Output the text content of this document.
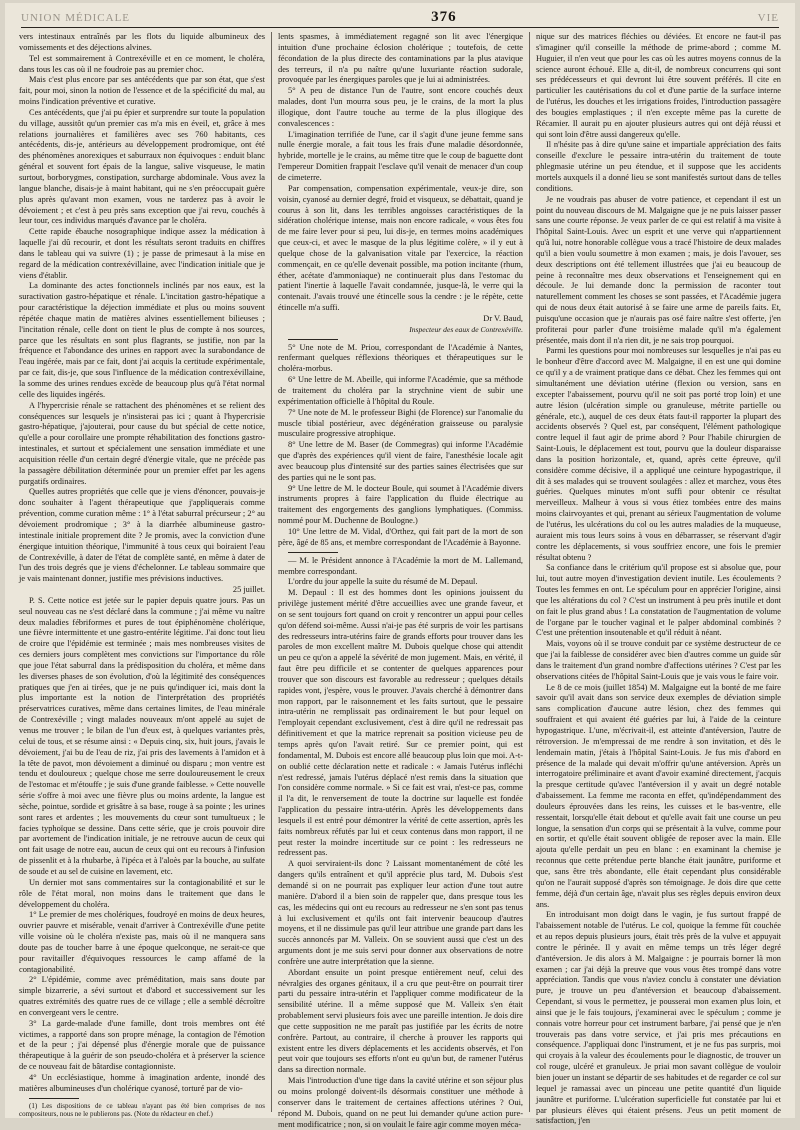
UNION MÉDICALE	376	VIE

vers intestinaux entraînés par les flots du liquide albumineux des vomissements et des déjections alvines.

Tel est sommairement à Contrexéville et en ce moment, le choléra, dans tous les cas où il ne foudroie pas au premier choc.

Mais c'est plus encore par ses antécédents que par son état, que s'est fait, pour moi, sinon la notion de l'essence et de la spécificité du mal, au moins l'indication préventive et curative.

Ces antécédents, que j'ai pu épier et surprendre sur toute la population du village, aussitôt qu'un premier cas m'a mis en éveil, et, grâce à mes relations journalières et familières avec ses 760 habitants, ces antécédents, dis-je, antérieurs au développement prodromique, ont été des phénomènes anorexiques et saburraux non équivoques : enduit blanc général et souvent fort épais de la langue, salive visqueuse, le matin surtout, borborygmes, constipation, surcharge abdominale. Vous avez la langue blanche, disais-je à maint habitant, qui ne s'en préoccupait guère plus après qu'avant mon examen, vous ne tarderez pas à avoir le dévoiement ; et c'est à peu près sans exception que j'ai revu, couchés à leur tour, ces individus marqués d'avance par le choléra.

Cette rapide ébauche nosographique indique assez la médication à laquelle j'ai dû recourir, et dont les résultats seront traduits en chiffres dans le tableau qui va suivre (1) ; je passe de primesaut à la mise en regard de la médication contrexévillaine, avec l'indication initiale que je viens d'établir.

La dominante des actes fonctionnels inclinés par nos eaux, est la suractivation gastro-hépatique et rénale. L'incitation gastro-hépatique a pour caractéristique la déjection immédiate et plus ou moins souvent répétée chaque matin de matières alvines essentiellement bilieuses ; l'incitation rénale, celle dont on tient le plus de compte à nos sources, parce que les résultats en sont plus flagrants, se justifie, non par la fréquence et l'abondance des urines en rapport avec la surabondance de l'eau ingérée, mais par ce fait, dont j'ai acquis la certitude expérimentale, par ce fait, dis-je, que sous l'influence de la médication contrexévillaine, la somme des urines rendues excède de beaucoup plus qu'à l'état normal celle des liquides ingérés.

A l'hypercrisie rénale se rattachent des phénomènes et se relient des conséquences sur lesquels je n'insisterai pas ici ; quant à l'hypercrisie gastro-hépatique, j'ajouterai, pour cause du but spécial de cette notice, qu'elle a pour corollaire une prompte réhabilitation des fonctions gastro-intestinales, et surtout et spécialement une sensation immédiate et une acquisition réelle d'un certain degré d'énergie vitale, que ne précède pas la passagère débilitation déterminée pour un premier effet par les agens purgatifs ordinaires.

Quelles autres propriétés que celle que je viens d'énoncer, pouvais-je donc souhaiter à l'agent thérapeutique que j'appliquerais comme prévention, comme curation même : 1° à l'état saburral précurseur ; 2° au dévoiement prodromique ; 3° à la diarrhée albumineuse gastro-intestinale initiale proprement dite ? Je promis, avec la conviction d'une énergique intuition théorique, l'immunité à tous ceux qui boiraient l'eau de Contrexéville, à dater de l'état de complète santé, en même à dater de l'un des trois degrés que je viens d'échelonner. Le tableau sommaire que je vais maintenant donner, justifie mes prévisions inductives.

25 juillet.

P. S. Cette notice est jetée sur le papier depuis quatre jours. Pas un seul nouveau cas ne s'est déclaré dans la commune ; j'ai même vu naître deux maladies fébriformes et pures de tout épiphénomène cholérique, une fièvre intermittente et une gastro-entérite légitime. J'ai donc tout lieu de croire que l'épidémie est terminée ; mais mes nombreuses visites de ces derniers jours complètent mes convictions sur l'importance du rôle que joue l'état saburral dans la prédisposition du choléra, et même dans les diverses phases de son évolution, d'où la légitimité des conséquences pratiques que j'en ai tirées, que je ne puis qu'indiquer ici, mais dont la plus importante est la notion de l'interprétation des propriétés préservatrices curatives, même dans certaines limites, de l'eau minérale de Contrexéville ; vingt malades nouveaux m'ont appelé au sujet de venus me trouver ; le bilan de l'un d'eux est, à quelques variantes près, celui de tous, et se résume ainsi : « Depuis cinq, six, huit jours, j'avais le dévoiement, j'ai bu de l'eau de riz, j'ai pris des lavements à l'amidon et à la tête de pavot, mon dévoiement a diminué ou disparu ; mon ventre est tendu et douloureux ; quelque chose me serre douloureusement le creux de l'estomac et m'étouffe ; je suis d'une grande faiblesse. » Cette nouvelle série s'offre à moi avec une fièvre plus ou moins ardente, la langue est sèche, pointue, sordide et grisâtre à sa base, rouge à sa pointe ; les urines sont rares et ardentes ; les mouvements du cœur sont tumultueux ; le facies typhoïque se dessine. Dans cette série, que je crois pouvoir dire par avortement de l'indication initiale, je ne retrouve aucun de ceux qui ont fait usage de notre eau, aucun de ceux qui ont eu recours à l'infusion de pissenlit et à la rhubarbe, à l'ipéca et à l'aloès par la bouche, au sulfate de soude et au sel de cuisine en lavement, etc.

Un dernier mot sans commentaires sur la contagionabilité et sur le rôle de l'état moral, non moins dans le traitement que dans le développement du choléra.

1° Le premier de mes cholériques, foudroyé en moins de deux heures, ouvrier pauvre et misérable, venait d'arriver à Contrexéville d'une petite ville voisine où le choléra n'existe pas, mais où il ne manquera sans doute pas de toucher barre à une époque quelconque, ne serait-ce que pour ravitailler d'équivoques ressources le camp affamé de la contagionabilité.

2° L'épidémie, comme avec préméditation, mais sans doute par simple bizarrerie, a sévi surtout et d'abord et successivement sur les quatres extrémités des quatre rues de ce village ; elle a semblé décroître en convergeant vers le centre.

3° La garde-malade d'une famille, dont trois membres ont été victimes, a rapporté dans son propre ménage, la contagion de l'émotion et de la peur ; j'ai dépensé plus d'énergie morale que de puissance thérapeutique à la guérir de son pseudo-choléra et à préserver la science de ce nouveau fait de bâtardise contagionniste.

4° Un ecclésiastique, homme à imagination ardente, inondé des matières albumineuses d'un cholérique cyanosé, torturé par de vio-

(1) Les dispositions de ce tableau n'ayant pas été bien comprises de nos compositeurs, nous ne le publierons pas. (Note du rédacteur en chef.)

lents spasmes, à immédiatement regagné son lit avec l'énergique intuition d'une prochaine éclosion cholérique ; toutefois, de cette fécondation de la plus directe des contaminations par la plus atavique des terreurs, il n'a pu naître qu'une luxuriante réaction sudorale, provoquée par les énergiques paroles que je lui ai administrées.

5° A peu de distance l'un de l'autre, sont encore couchés deux malades, dont l'un mourra sous peu, je le crains, de la mort la plus illogique, dont l'autre touche au terme de la plus illogique des convalescences :

L'imagination terrifiée de l'une, car il s'agit d'une jeune femme sans nulle énergie morale, a fait tous les frais d'une maladie désordonnée, hybride, mortelle je le crains, au même titre que le coup de baguette dont l'empereur Domitien frappait l'esclave qu'il venait de menacer d'un coup de cimeterre.

Par compensation, compensation expérimentale, veux-je dire, son voisin, cyanosé au dernier degré, froid et visqueux, se débattait, quand je courus à son lit, dans les terribles angoisses caractéristiques de la sidération cholérique intense, mais non encore radicale, « vous êtes fou de me faire lever pour si peu, lui dis-je, en termes moins académiques que ceux-ci, et avec le masque de la plus légitime colère, » il y eut à quelque chose de la galvanisation vitale par l'exercice, la réaction commençait, en ce qu'elle devenait possible, ma potion incitante (rhum, éther, acétate d'ammoniaque) ne continuerait plus dans l'estomac du patient l'inertie à laquelle l'avait condamnée, jusque-là, le verre qui la contenait. J'avais trouvé une étincelle sous la cendre : je le répète, cette étincelle m'a suffi.

Dr V. Baud,

Inspecteur des eaux de Contrexéville.

5° Une note de M. Priou, correspondant de l'Académie à Nantes, renfermant quelques réflexions théoriques et thérapeutiques sur le choléra-morbus.

6° Une lettre de M. Abeille, qui informe l'Académie, que sa méthode de traitement du choléra par la strychnine vient de subir une expérimentation officielle à l'hôpital du Roule.

7° Une note de M. le professeur Bighi (de Florence) sur l'anomalie du muscle tibial postérieur, avec dégénération graisseuse ou paralysie musculaire progressive atrophique.

8° Une lettre de M. Baser (de Commegras) qui informe l'Académie que d'après des expériences qu'il vient de faire, l'anesthésie locale agit avec beaucoup plus d'intensité sur des parties saines électrisées que sur des parties qui ne le sont pas.

9° Une lettre de M. le docteur Boule, qui soumet à l'Académie divers instruments propres à faire l'application du fluide électrique au traitement des engorgements des ganglions lymphatiques. (Commiss. nommé pour M. Duchenne de Boulogne.)

10° Une lettre de M. Vidal, d'Orthez, qui fait part de la mort de son père, âgé de 85 ans, et membre correspondant de l'Académie à Bayonne.

— M. le Président annonce à l'Académie la mort de M. Lallemand, membre correspondant.

L'ordre du jour appelle la suite du résumé de M. Depaul.

M. Depaul : Il est des hommes dont les opinions jouissent du privilège justement mérité d'être accueillies avec une grande faveur, et on se sent toujours fort quand on croit y rencontrer un appui pour celles qu'on défend soi-même. Aussi n'ai-je pas été surpris de voir les partisans des redresseurs intra-utérins faire de grands efforts pour trouver dans les paroles de mon excellent maître M. Dubois quelque chose qui attendit un peu ce qu'on a appelé la sévérité de mon jugement. Mais, en vérité, il faut être peu difficile et se contenter de quelques apparences pour trouver que son discours est favorable au redresseur ; quelques détails rapides vont, j'espère, vous le prouver. J'avais cherché à démontrer dans mon rapport, par le raisonnement et les faits surtout, que le pessaire intra-utérin ne remplissait pas ordinairement le but pour lequel on l'employait cependant exclusivement, c'est à dire qu'il ne redressait pas définitivement et que la matrice reprenait sa position vicieuse peu de temps après qu'on l'avait retiré. Sur ce premier point, qui est fondamental, M. Dubois est encore allé beaucoup plus loin que moi. A-t-on oublié cette déclaration nette et radicale : « Jamais l'utérus infléchi n'est redressé, jamais l'utérus déplacé n'est remis dans la situation que l'on considère comme normale. » Si ce fait est vrai, n'est-ce pas, comme il l'a dit, le renversement de toute la doctrine sur laquelle est fondée l'application du pessaire intra-utérin. Après les développements dans lesquels il est entré pour démontrer la vérité de cette assertion, après les faits nombreux réfutés par lui et ceux contenus dans mon rapport, il ne peut rester la moindre incertitude sur ce point : les redresseurs ne redressent pas.

A quoi serviraient-ils donc ? Laissant momentanément de côté les dangers qu'ils entraînent et qu'il apprécie plus tard, M. Dubois s'est demandé si on ne pourrait pas expliquer leur action d'une tout autre manière. D'abord il a bien soin de rappeler que, dans presque tous les cas, les médecins qui ont eu recours au redresseur ne s'en sont pas tenus à lui exclusivement et qu'ils ont fait intervenir beaucoup d'autres moyens, et il ne dissimule pas qu'il leur attribue une grande part dans les succès annoncés par M. Valleix. On se souvient aussi que c'est un des arguments dont je me suis servi pour donner aux observations de notre confrère une autre interprétation que la sienne.

Abordant ensuite un point presque entièrement neuf, celui des névralgies des organes génitaux, il a cru que peut-être on pourrait tirer parti du pessaire intra-utérin et l'appliquer comme modificateur de la sensibilité utérine. Il a même supposé que M. Valleix s'en était probablement servi plusieurs fois avec une pareille intention. Je dois dire que cette supposition ne me paraît pas justifiée par les écrits de notre confrère. Partout, au contraire, il cherche à prouver les rapports qui existent entre les divers déplacements et les accidents observés, et l'on peut voir que toujours ses efforts n'ont eu qu'un but, de ramener l'utérus dans sa direction normale.

Mais l'introduction d'une tige dans la cavité utérine et son séjour plus ou moins prolongé doivent-ils désormais constituer une méthode à conserver dans le traitement de certaines affections utérines ? Oui, répond M. Dubois, quand on ne peut lui demander qu'une action pure- ment modificatrice ; non, si on voulait le faire agir comme moyen méca-

nique sur des matrices fléchies ou déviées. Et encore ne faut-il pas s'imaginer qu'il conseille la méthode de prime-abord ; comme M. Huguier, il n'en veut que pour les cas où les autres moyens connus de la science auront échoué. Elle a, dit-il, de nombreux concurrens qui sont ses prédécesseurs et qui devront lui être souvent préférés. Il cite en particulier les cautérisations du col et d'une partie de la surface interne de l'utérus, les douches et les irrigations froides, l'introduction passagère des bougies emplastiques ; il n'en excepte même pas la curette de Récamier. Il aurait pu en ajouter plusieurs autres qui ont déjà réussi et qui sont loin d'être aussi dangereux qu'elle.

Il n'hésite pas à dire qu'une saine et impartiale appréciation des faits conseille d'exclure le pessaire intra-utérin du traitement de toute phlegmasie utérine un peu étendue, et il suppose que les accidents mortels auxquels il a donné lieu se sont manifestés surtout dans de telles conditions.

Je ne voudrais pas abuser de votre patience, et cependant il est un point du nouveau discours de M. Malgaigne que je ne puis laisser passer sans une courte réponse. Je veux parler de ce qui est relatif à ma visite à l'hôpital Saint-Louis. Avec un esprit et une verve qui n'appartiennent qu'à lui, notre honorable collègue vous a tracé l'histoire de deux malades qu'il a bien voulu soumettre à mon examen ; mais, je dois l'avouer, ses deux descriptions ont été tellement illustrées que j'ai eu beaucoup de peine à reconnaître mes deux observations et l'enseignement qui en découle. Je lui demande donc la permission de raconter tout naturellement comment les choses se sont passées, et l'Académie jugera qui de nous deux était autorisé à se faire une arme de pareils faits. Et, puisqu'une occasion que je n'aurais pas osé faire naître s'est offerte, j'en profiterai pour parler d'une troisième malade qu'il m'a également présentée, mais dont il n'a rien dit, je ne sais trop pourquoi.

Parmi les questions pour moi nombreuses sur lesquelles je n'ai pas eu le bonheur d'être d'accord avec M. Malgaigne, il en est une qui domine ce qu'il y a de vraiment pratique dans ce débat. Chez les femmes qui ont simultanément une déviation utérine (flexion ou version, sans en excepter l'abaissement, pourvu qu'il ne soit pas porté trop loin) et une autre lésion (ulcération simple ou granuleuse, métrite partielle ou générale, etc.), auquel de ces deux états faut-il rapporter la plupart des accidents observés ? Quel est, par conséquent, l'élément pathologique contre lequel il faut agir de prime abord ? Pour l'habile chirurgien de Saint-Louis, le déplacement est tout, pourvu que la douleur disparaisse dans la position horizontale, et, quand, après cette épreuve, qu'il considère comme décisive, il a appliqué une ceinture hypogastrique, il dit à ses malades qui se trouvent soulagées : allez et marchez, vous êtes guéries. Quelques minutes m'ont suffi pour obtenir ce résultat merveilleux. Malheur à vous si vous étiez tombées entre des mains moins clairvoyantes et qui, prenant au sérieux l'augmentation de volume de l'utérus, les ulcérations du col ou les autres maladies de la muqueuse, auraient mis tous leurs soins à vous en débarrasser, se réservant d'agir contre les déplacements, si vous souffriez encore, une fois le premier résultat obtenu ?

Sa confiance dans le critérium qu'il propose est si absolue que, pour lui, tout autre moyen d'investigation devient inutile. Les écoulements ? Toutes les femmes en ont. Le spéculum pour en apprécier l'origine, ainsi que les altérations du col ? C'est un instrument à peu près inutile et dont on fait le plus grand abus ! La constatation de l'augmentation de volume de l'organe par le toucher vaginal et le palper abdominal combinés ? C'est une prétention insoutenable et qu'il réduit à néant.

Mais, voyons où il se trouve conduit par ce système destructeur de ce que j'ai la faiblesse de considérer avec bien d'autres comme un guide sûr dans le traitement d'un grand nombre d'affections utérines ? C'est par les observations citées de l'hôpital Saint-Louis que je vais vous le faire voir.

Le 8 de ce mois (juillet 1854) M. Malgaigne eut la bonté de me faire savoir qu'il avait dans son service deux exemples de déviation simple sans complication d'aucune autre lésion, chez des femmes qui souffraient et qui avaient été guéries par lui, à l'aide de la ceinture hypogastrique. L'une, m'écrivait-il, est atteinte d'antéversion, l'autre de rétroversion. Je m'empressai de me rendre à son invitation, et dès le lendemain matin, j'étais à l'hôpital Saint-Louis. Je fus mis d'abord en présence de la malade qui devait m'offrir qu'une antéversion. Après un interrogatoire préliminaire et avant d'avoir examiné directement, j'acquis la presque certitude qu'avec l'antéversion il y avait un degré notable d'abaissement. La femme me raconta en effet, qu'indépendamment des douleurs éprouvées dans les reins, les cuisses et le bas-ventre, elle ressentait, lorsqu'elle était debout et qu'elle avait fait une course un peu longue, la sensation d'un corps qui se présentait à la vulve, comme pour en sortir, et qu'elle était souvent obligée de reposer avec la main. Elle ajouta qu'elle perdait un peu en blanc : en examinant la chemise je reconnus que cette prétendue perte blanche était jaunâtre, puriforme et que, sans être très abondante, elle était cependant plus considérable qu'on ne l'aurait supposé d'après son témoignage. Je dois dire que cette femme, déjà d'un certain âge, n'avait plus ses règles depuis environ deux ans.

En introduisant mon doigt dans le vagin, je fus surtout frappé de l'abaissement notable de l'utérus. Le col, quoique la femme fût couchée et au repos depuis plusieurs jours, était très près de la vulve et appuyait contre le périnée. Il y avait en même temps un très léger degré d'antéversion. Je dis alors à M. Malgaigne : je pourrais borner là mon examen ; car j'ai déjà la preuve que vous vous êtes trompé dans votre appréciation. Tandis que vous n'aviez conclu à constater une déviation pure, je trouve un peu d'antéversion et beaucoup d'abaissement. Cependant, si vous le permettez, je pousserai mon examen plus loin, et ainsi que je le fais toujours, j'examinerai avec le spéculum ; comme je connais votre horreur pour cet instrument barbare, j'ai pensé que je n'en trouverais pas dans votre service, et j'ai pris mes précautions en conséquence. J'appliquai donc l'instrument, et je ne fus pas surpris, moi qui croyais à la valeur des écoulements pour le diagnostic, de trouver un col rouge, ulcéré et granuleux. Je priai mon savant collègue de vouloir bien jouer un instant se départir de ses habitudes et de regarder ce col sur lequel je ramassai avec un pinceau une petite quantité d'un liquide jaunâtre et puriforme. L'ulcération superficielle fut constatée par lui et par plusieurs élèves qui étaient présens. J'eus un petit moment de satisfaction, j'en
